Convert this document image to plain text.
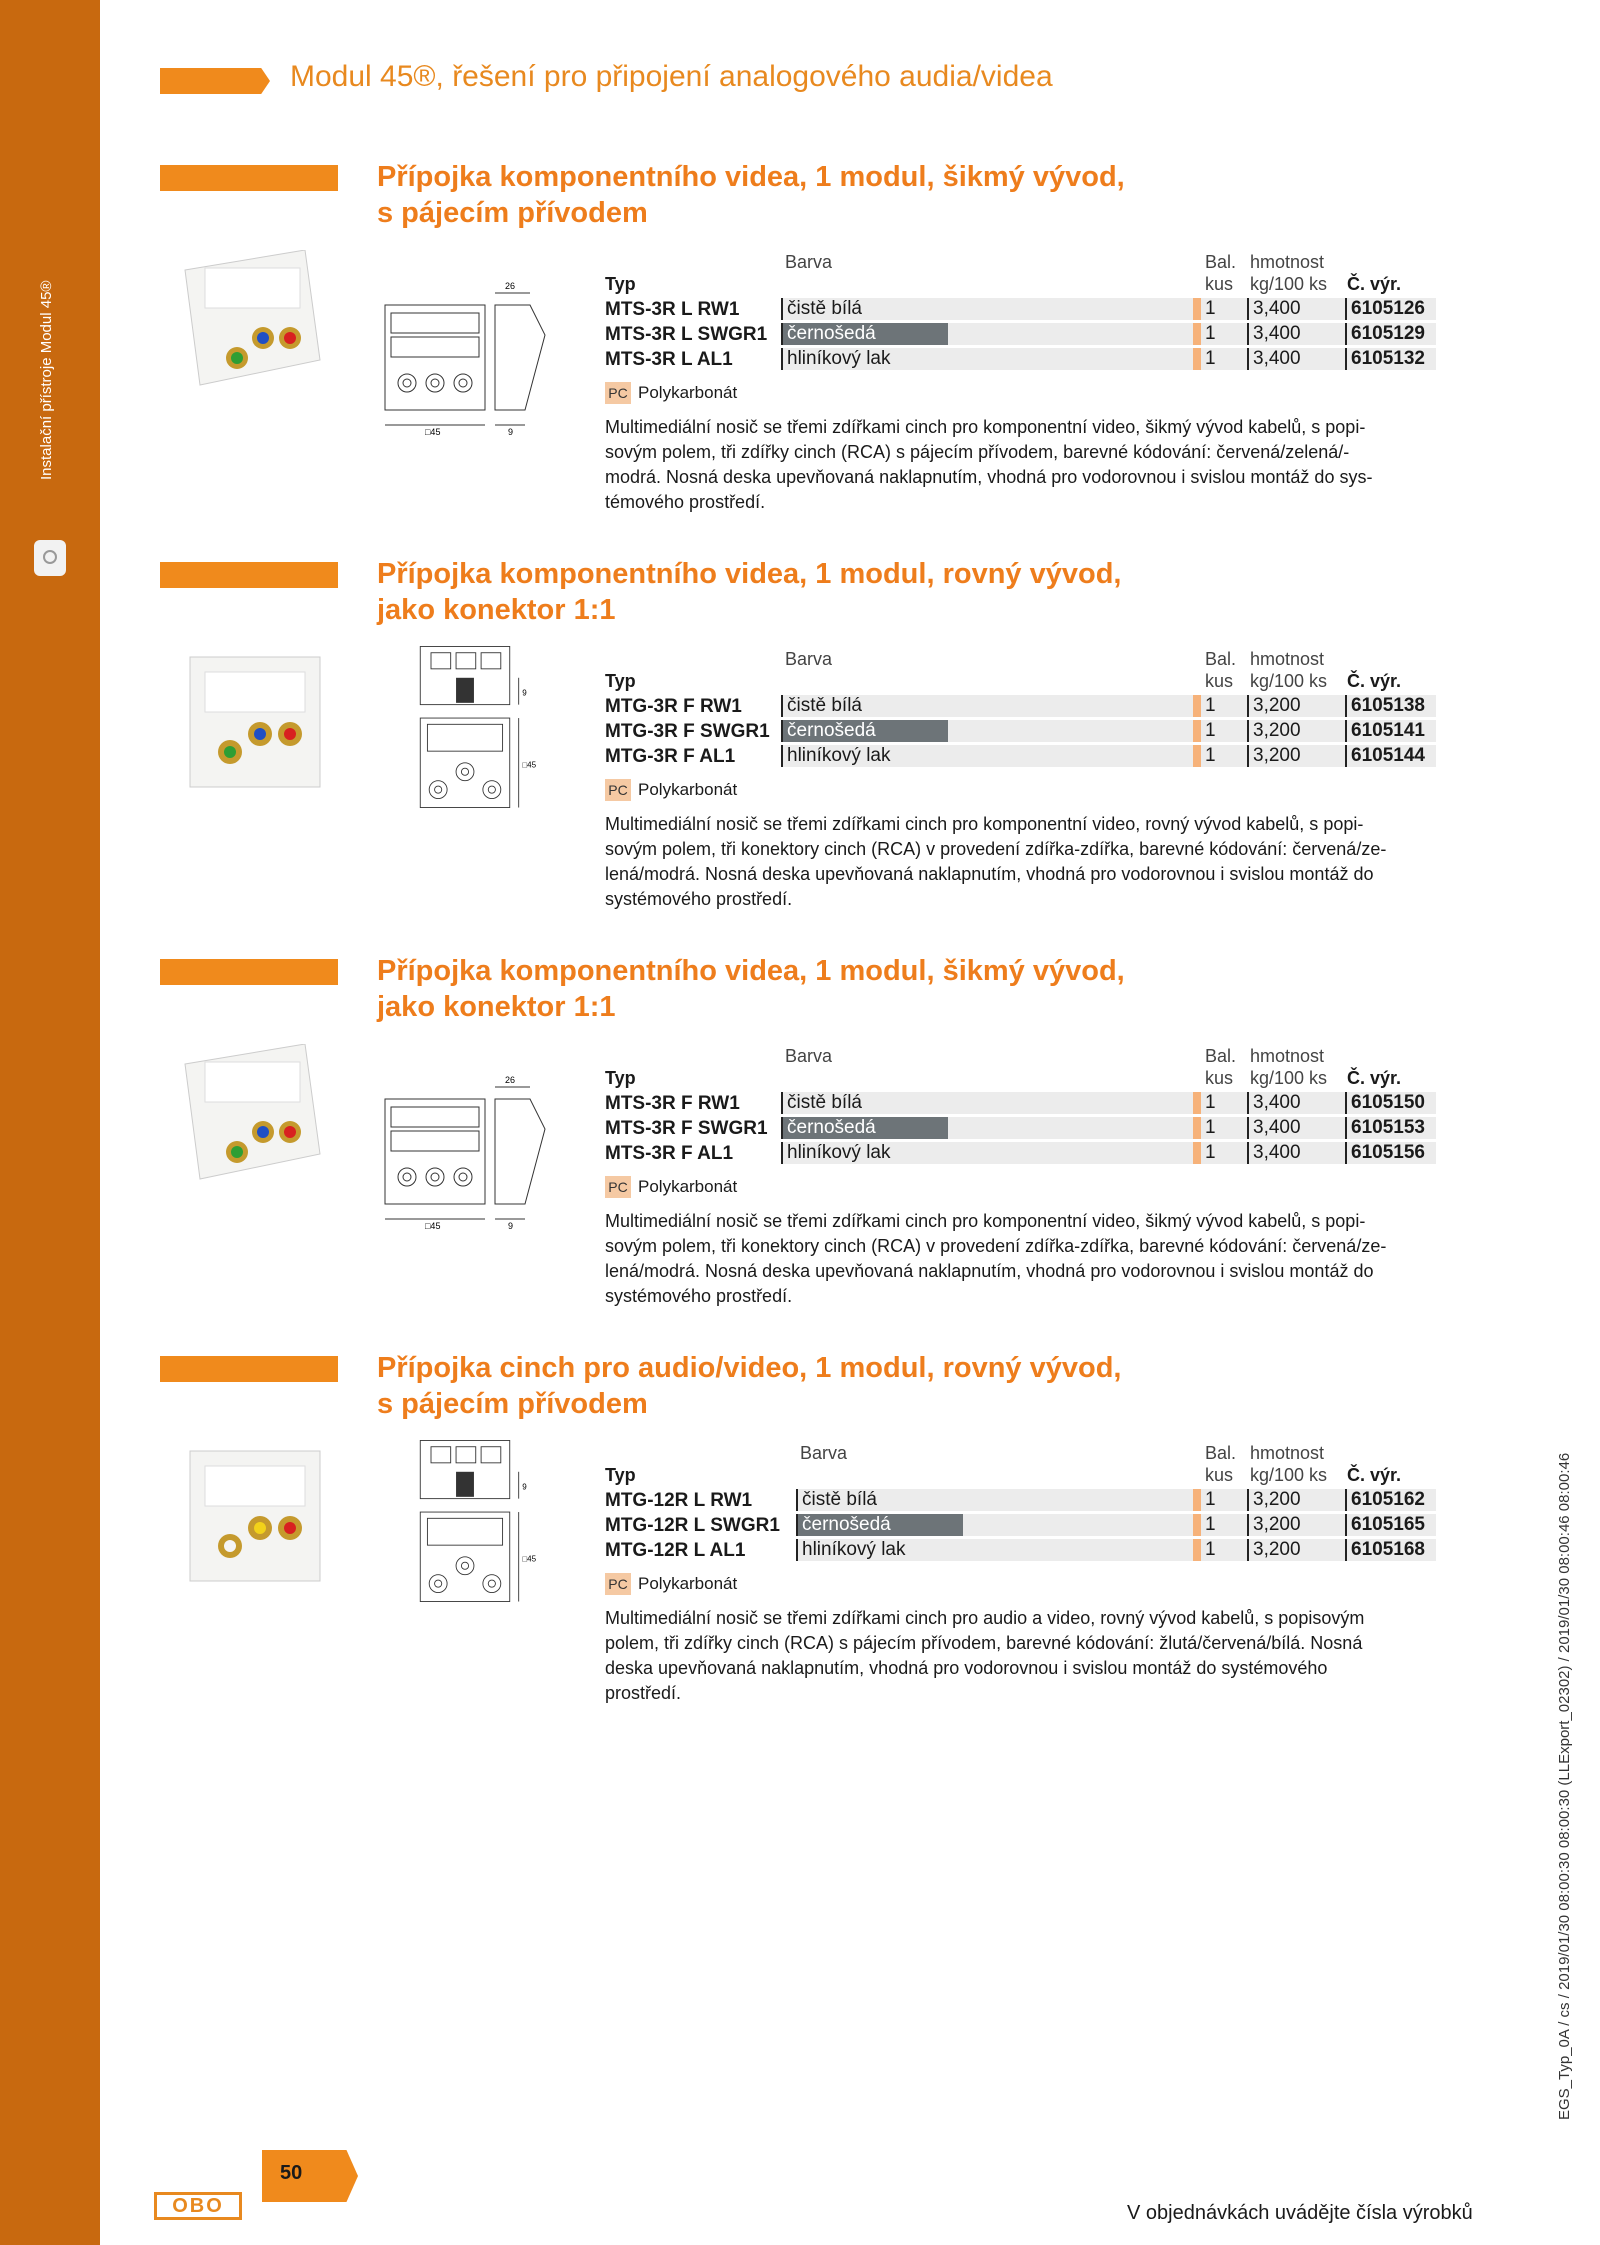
Instalační přístroje Modul 45®
Modul 45®, řešení pro připojení analogového audia/videa
Přípojka komponentního videa, 1 modul, šikmý vývod,
s pájecím přívodem
26
□45	9
Barva	Bal. hmotnost
Typ	kus kg/100 ks Č. výr.
MTS-3R L RW1	čistě bílá	1	3,400	6105126
MTS-3R L SWGR1	černošedá	1	3,400	6105129
MTS-3R L AL1	hliníkový lak	1	3,400	6105132
PC Polykarbonát
Multimediální nosič se třemi zdířkami cinch pro komponentní video, šikmý vývod kabelů, s popi-
sovým polem, tři zdířky cinch (RCA) s pájecím přívodem, barevné kódování: červená/zelená/-
modrá. Nosná deska upevňovaná naklapnutím, vhodná pro vodorovnou i svislou montáž do sys-
témového prostředí.
Přípojka komponentního videa, 1 modul, rovný vývod,
jako konektor 1:1
9
□45
Barva	Bal. hmotnost
Typ	kus kg/100 ks Č. výr.
MTG-3R F RW1	čistě bílá	1	3,200	6105138
MTG-3R F SWGR1 černošedá	1	3,200	6105141
MTG-3R F AL1	hliníkový lak	1	3,200	6105144
PC Polykarbonát
Multimediální nosič se třemi zdířkami cinch pro komponentní video, rovný vývod kabelů, s popi-
sovým polem, tři konektory cinch (RCA) v provedení zdířka-zdířka, barevné kódování: červená/ze-
lená/modrá. Nosná deska upevňovaná naklapnutím, vhodná pro vodorovnou i svislou montáž do
systémového prostředí.
Přípojka komponentního videa, 1 modul, šikmý vývod,
jako konektor 1:1
26
□45	9
Barva	Bal. hmotnost
Typ	kus kg/100 ks Č. výr.
MTS-3R F RW1	čistě bílá	1	3,400	6105150
MTS-3R F SWGR1	černošedá	1	3,400	6105153
MTS-3R F AL1	hliníkový lak	1	3,400	6105156
PC Polykarbonát
Multimediální nosič se třemi zdířkami cinch pro komponentní video, šikmý vývod kabelů, s popi-
sovým polem, tři konektory cinch (RCA) v provedení zdířka-zdířka, barevné kódování: červená/ze-
lená/modrá. Nosná deska upevňovaná naklapnutím, vhodná pro vodorovnou i svislou montáž do
systémového prostředí.
Přípojka cinch pro audio/video, 1 modul, rovný vývod,
s pájecím přívodem
9
□45
Barva	Bal. hmotnost
Typ	kus kg/100 ks Č. výr.
MTG-12R L RW1	čistě bílá	1	3,200	6105162
MTG-12R L SWGR1	černošedá	1	3,200	6105165
MTG-12R L AL1	hliníkový lak	1	3,200	6105168
PC Polykarbonát
Multimediální nosič se třemi zdířkami cinch pro audio a video, rovný vývod kabelů, s popisovým
polem, tři zdířky cinch (RCA) s pájecím přívodem, barevné kódování: žlutá/červená/bílá. Nosná
deska upevňovaná naklapnutím, vhodná pro vodorovnou i svislou montáž do systémového
prostředí.
OBO
50
V objednávkách uvádějte čísla výrobků
EGS_Typ_0A / cs / 2019/01/30 08:00:30 08:00:30 (LLExport_02302) / 2019/01/30 08:00:46 08:00:46
